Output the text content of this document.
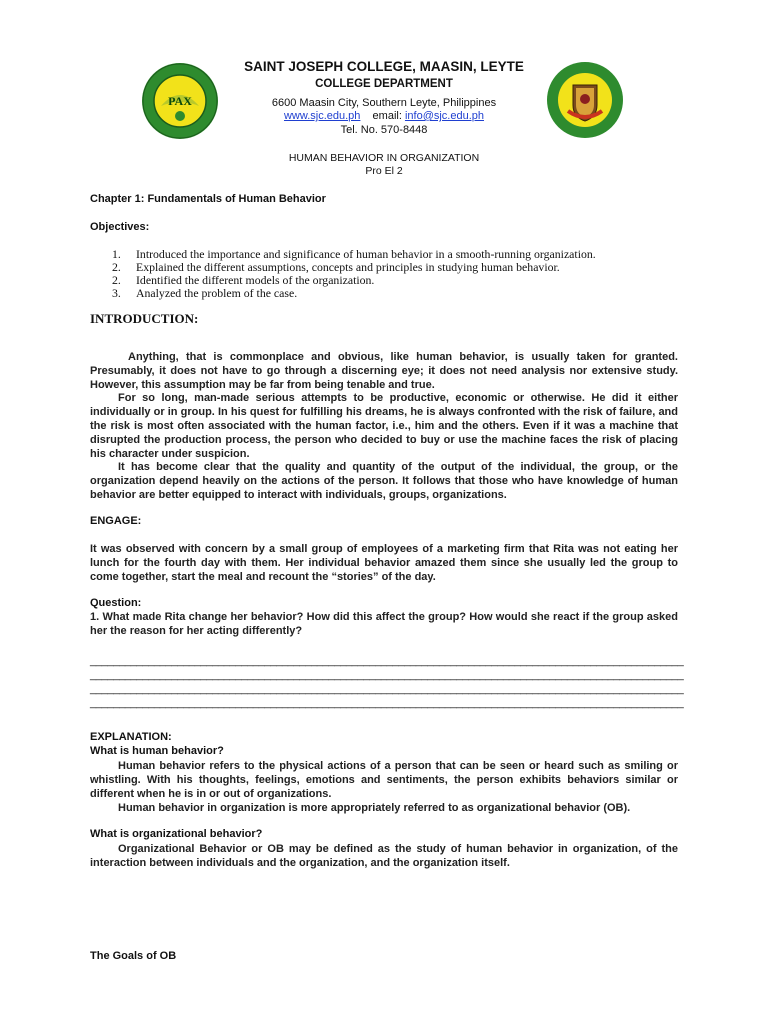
PAX
SAINT JOSEPH COLLEGE, MAASIN, LEYTE
COLLEGE DEPARTMENT
6600 Maasin City, Southern Leyte, Philippines
www.sjc.edu.ph email: info@sjc.edu.ph
Tel. No. 570-8448
HUMAN BEHAVIOR IN ORGANIZATION
Pro El 2
Chapter 1: Fundamentals of Human Behavior
Objectives:
1. Introduced the importance and significance of human behavior in a smooth-running organization.
2. Explained the different assumptions, concepts and principles in studying human behavior.
2. Identified the different models of the organization.
3. Analyzed the problem of the case.
INTRODUCTION:
Anything, that is commonplace and obvious, like human behavior, is usually taken for granted. Presumably, it does not have to go through a discerning eye; it does not need analysis nor extensive study. However, this assumption may be far from being tenable and true.
For so long, man-made serious attempts to be productive, economic or otherwise. He did it either individually or in group. In his quest for fulfilling his dreams, he is always confronted with the risk of failure, and the risk is most often associated with the human factor, i.e., him and the others. Even if it was a machine that disrupted the production process, the person who decided to buy or use the machine faces the risk of placing his character under suspicion.
It has become clear that the quality and quantity of the output of the individual, the group, or the organization depend heavily on the actions of the person. It follows that those who have knowledge of human behavior are better equipped to interact with individuals, groups, organizations.
ENGAGE:
It was observed with concern by a small group of employees of a marketing firm that Rita was not eating her lunch for the fourth day with them. Her individual behavior amazed them since she usually led the group to come together, start the meal and recount the “stories” of the day.
Question:
1. What made Rita change her behavior? How did this affect the group? How would she react if the group asked her the reason for her acting differently?
______________________________________________________________________________________________________
______________________________________________________________________________________________________
______________________________________________________________________________________________________
______________________________________________________________________________________________________
EXPLANATION:
What is human behavior?
Human behavior refers to the physical actions of a person that can be seen or heard such as smiling or whistling. With his thoughts, feelings, emotions and sentiments, the person exhibits behaviors similar or different when he is in or out of organizations.
Human behavior in organization is more appropriately referred to as organizational behavior (OB).
What is organizational behavior?
Organizational Behavior or OB may be defined as the study of human behavior in organization, of the interaction between individuals and the organization, and the organization itself.
The Goals of OB
